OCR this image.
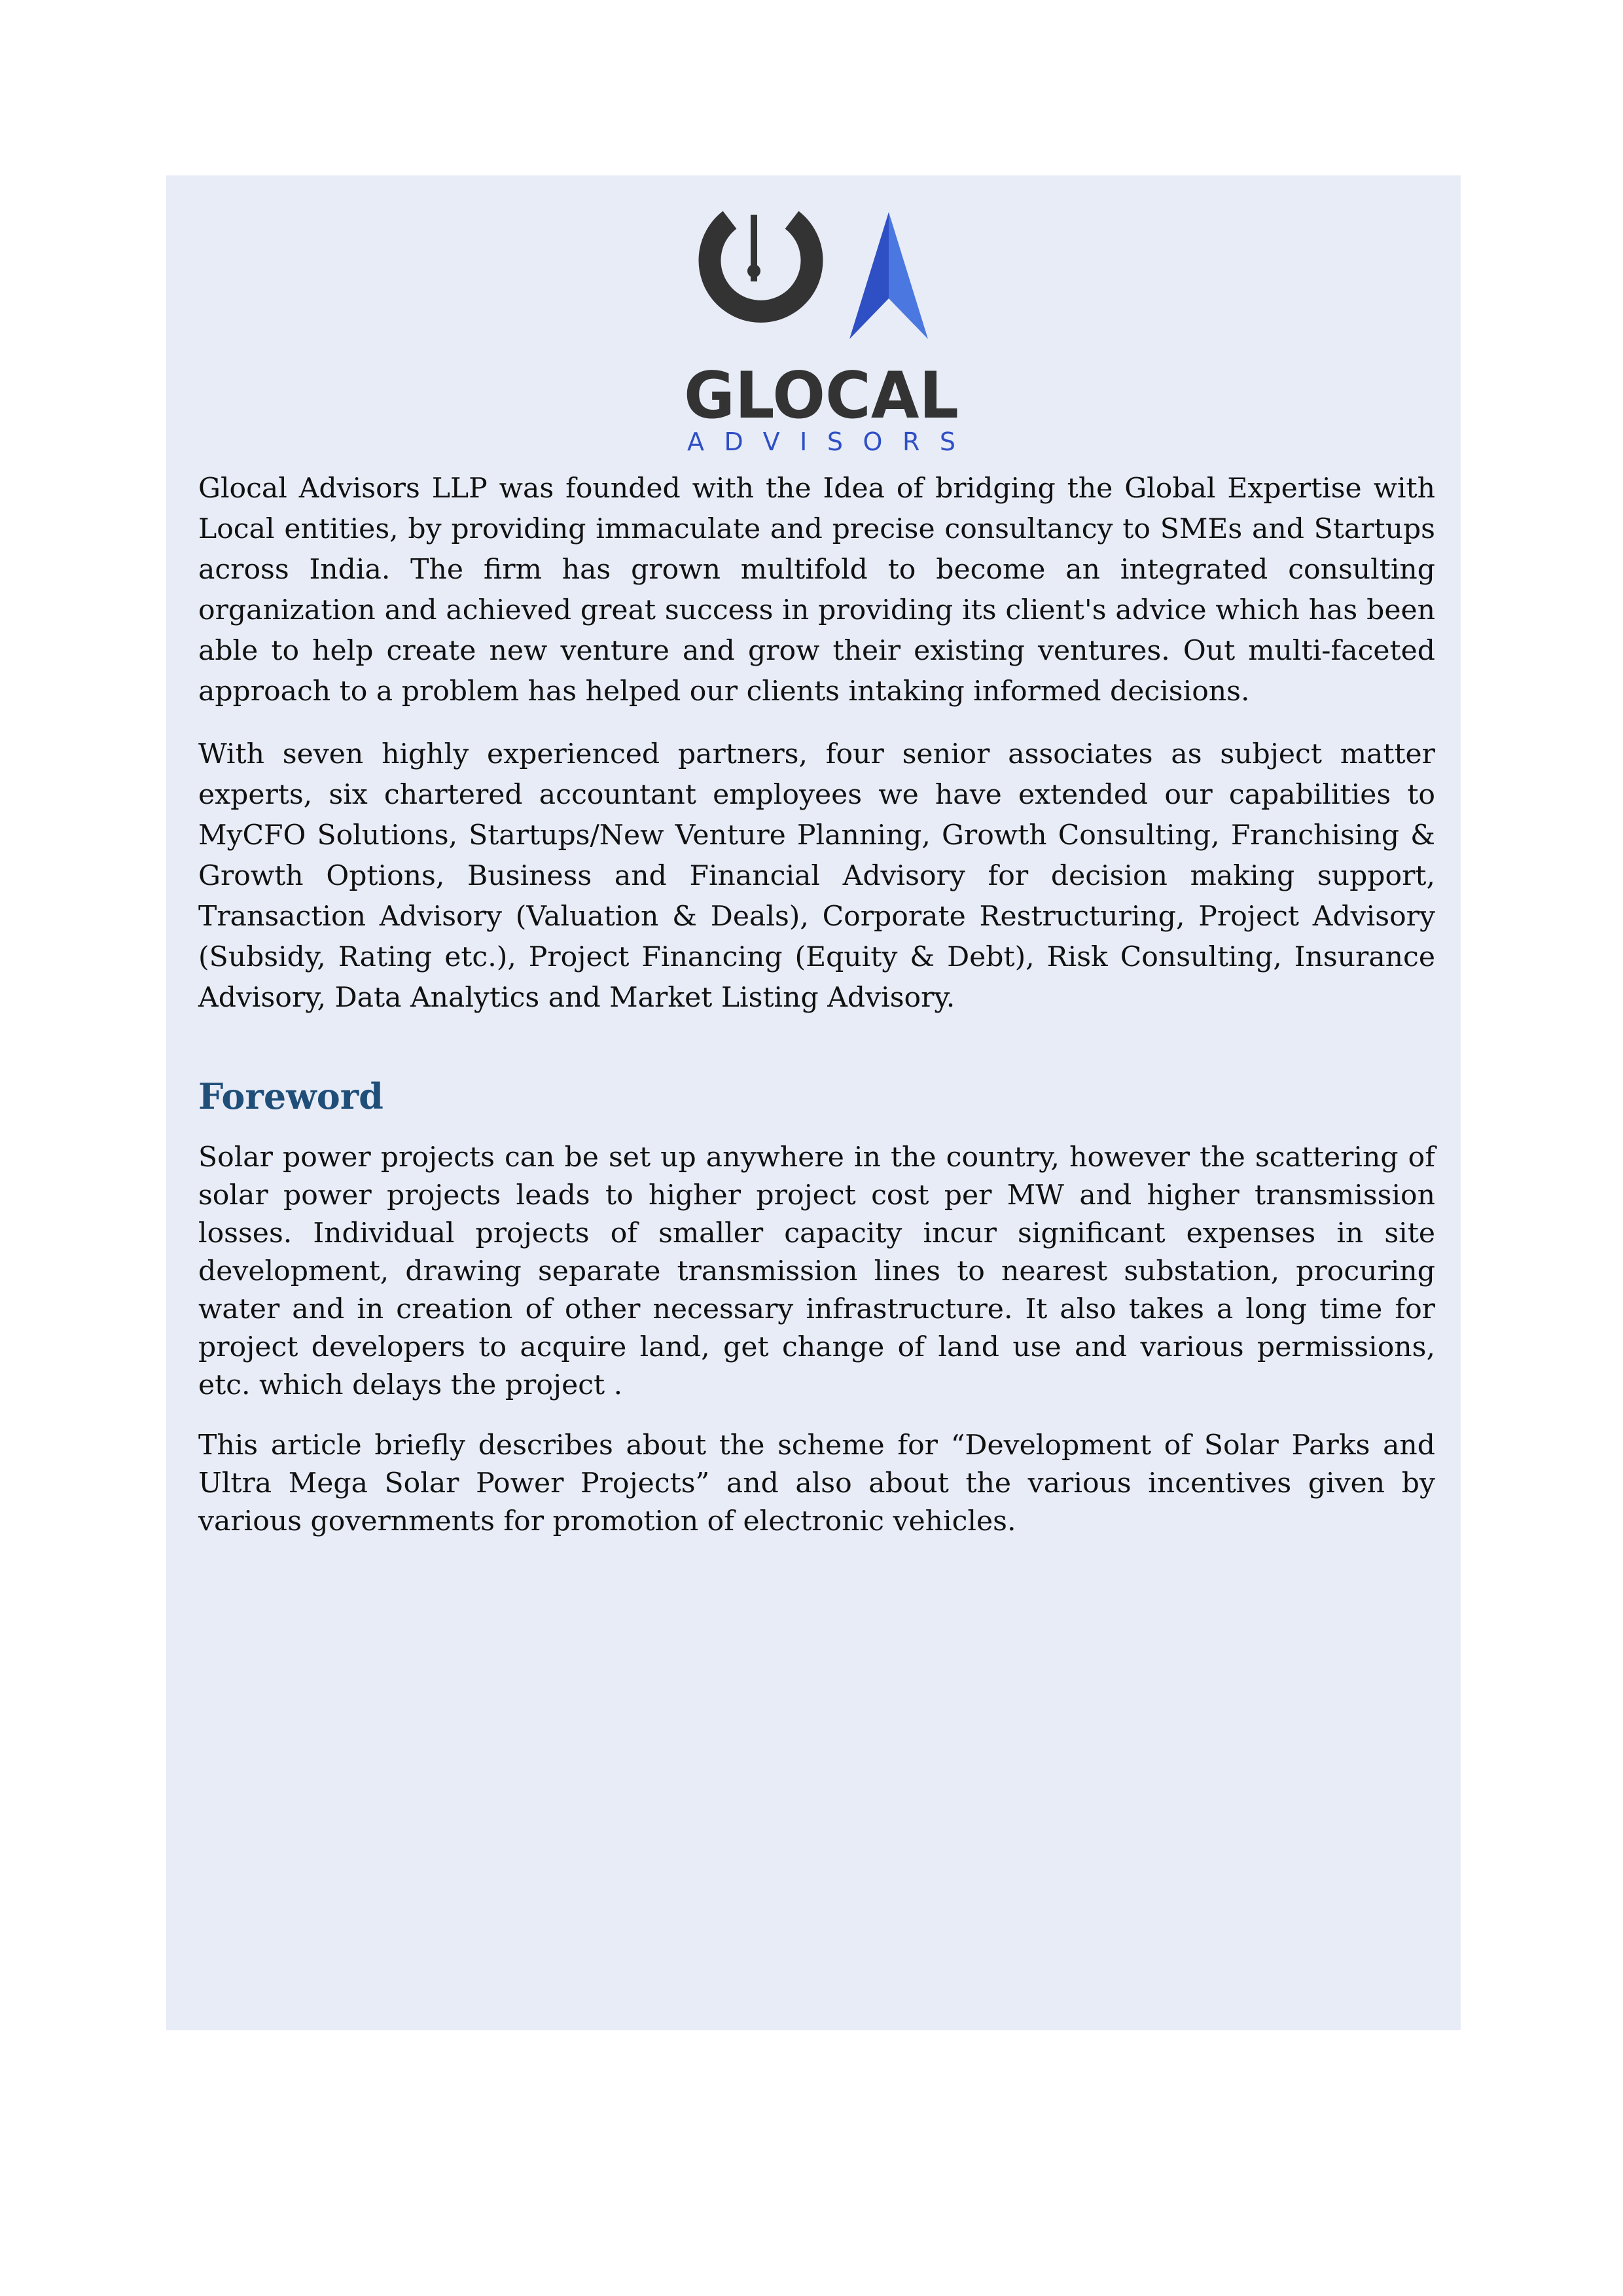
GLOCAL
ADVISORS

Glocal Advisors LLP was founded with the Idea of bridging the Global Expertise with Local entities, by providing immaculate and precise consultancy to SMEs and Startups across India. The firm has grown multifold to become an integrated consulting organization and achieved great success in providing its client's advice which has been able to help create new venture and grow their existing ventures. Out multi-faceted approach to a problem has helped our clients intaking informed decisions.

With seven highly experienced partners, four senior associates as subject matter experts, six chartered accountant employees we have extended our capabilities to MyCFO Solutions, Startups/New Venture Planning, Growth Consulting, Franchising & Growth Options, Business and Financial Advisory for decision making support, Transaction Advisory (Valuation & Deals), Corporate Restructuring, Project Advisory (Subsidy, Rating etc.), Project Financing (Equity & Debt), Risk Consulting, Insurance Advisory, Data Analytics and Market Listing Advisory.

Foreword

Solar power projects can be set up anywhere in the country, however the scattering of solar power projects leads to higher project cost per MW and higher transmission losses. Individual projects of smaller capacity incur significant expenses in site development, drawing separate transmission lines to nearest substation, procuring water and in creation of other necessary infrastructure. It also takes a long time for project developers to acquire land, get change of land use and various permissions, etc. which delays the project .

This article briefly describes about the scheme for “Development of Solar Parks and Ultra Mega Solar Power Projects” and also about the various incentives given by various governments for promotion of electronic vehicles.
